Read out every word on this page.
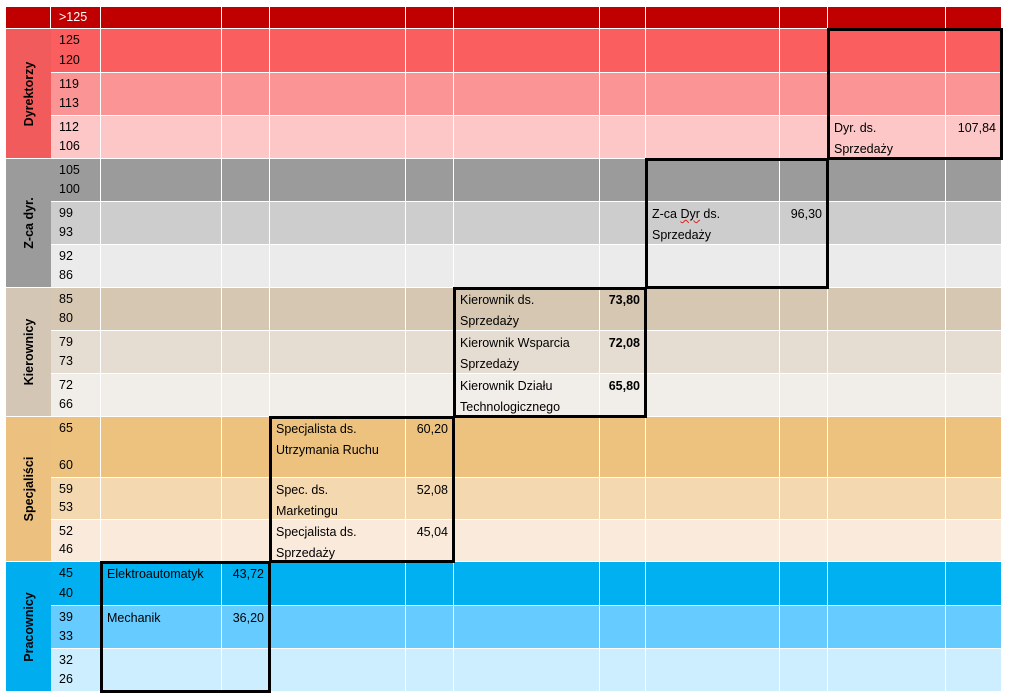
>125
Dyrektorzy
125
120
119
113
112
106
Z-ca dyr.
105
100
99
93
92
86
Kierownicy
85
80
79
73
72
66
Specjaliści
65
60
59
53
52
46
Pracownicy
45
40
39
33
32
26
Dyr. ds.
Sprzedaży
107,84
Z-ca Dyr ds.
Sprzedaży
96,30
Kierownik ds.
Sprzedaży
73,80
Kierownik Wsparcia
Sprzedaży
72,08
Kierownik Działu
Technologicznego
65,80
Specjalista ds.
Utrzymania Ruchu
60,20
Spec. ds.
Marketingu
52,08
Specjalista ds.
Sprzedaży
45,04
Elektroautomatyk	43,72
Mechanik	36,20
